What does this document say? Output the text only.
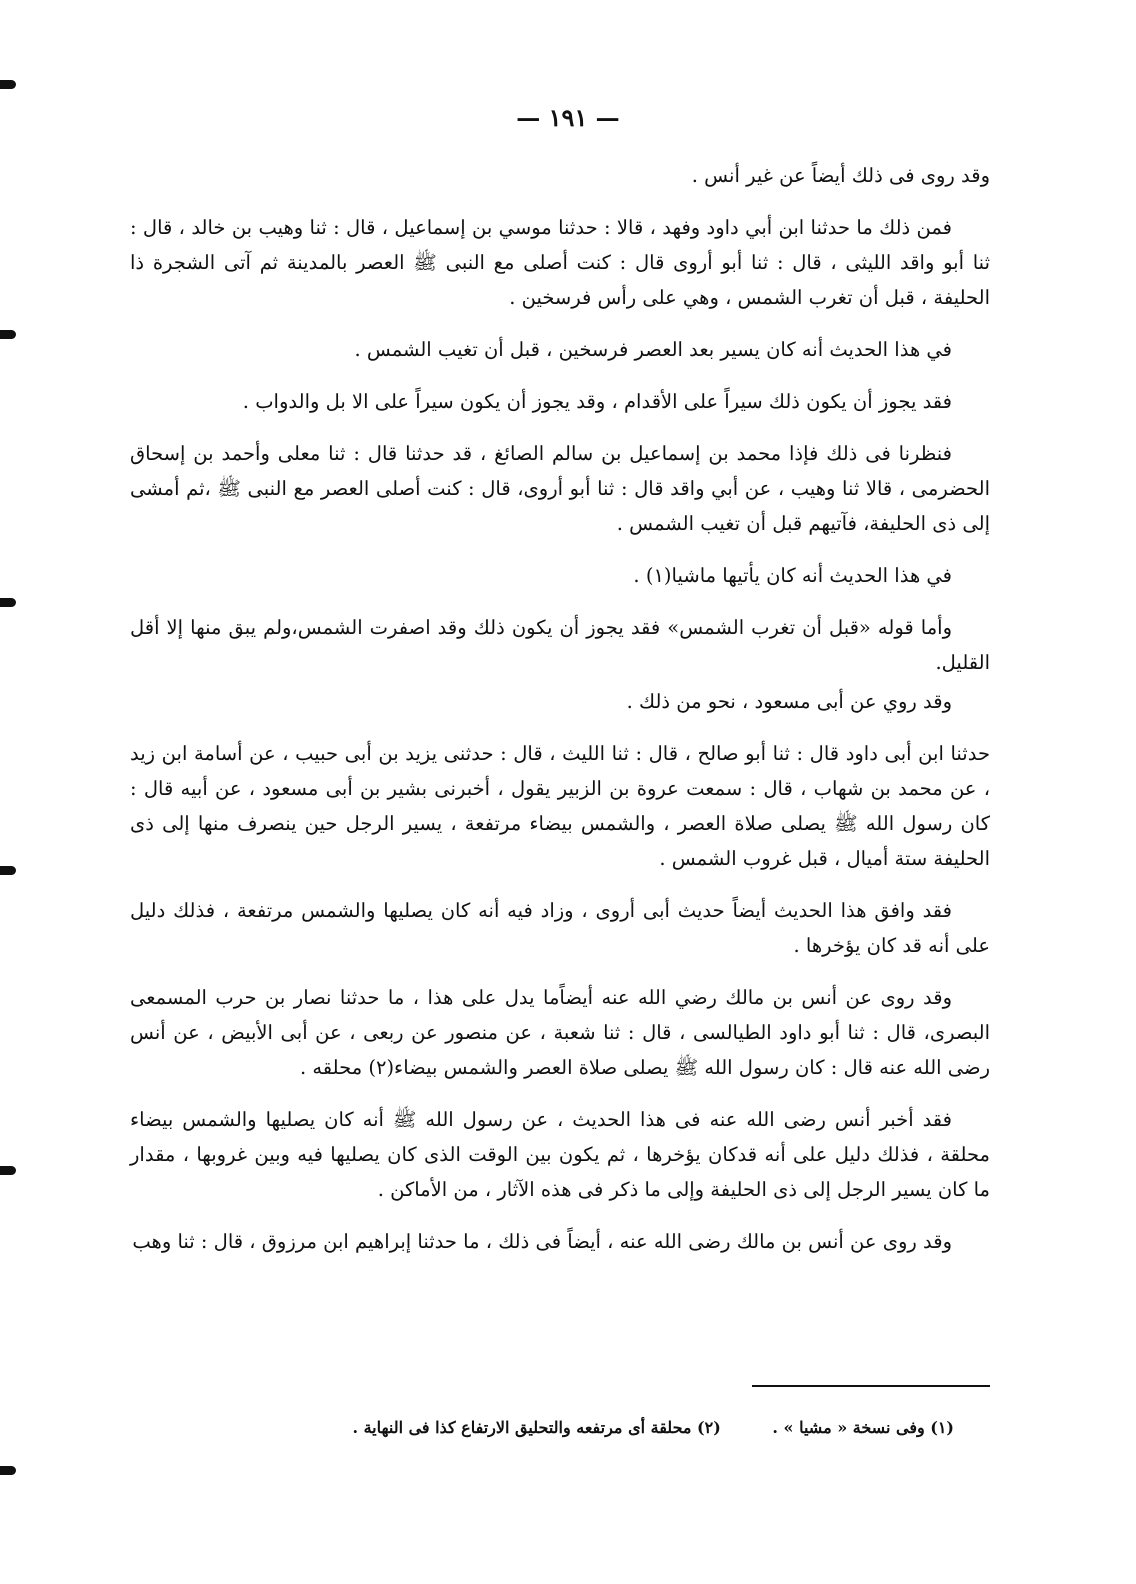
— ١٩١ —

وقد روى فى ذلك أيضاً عن غير أنس .

فمن ذلك ما حدثنا ابن أبي داود وفهد ، قالا : حدثنا موسي بن إسماعيل ، قال : ثنا وهيب بن خالد ، قال : ثنا أبو واقد الليثى ، قال : ثنا أبو أروى قال : كنت أصلى مع النبى ﷺ العصر بالمدينة ثم آتى الشجرة ذا الحليفة ، قبل أن تغرب الشمس ، وهي على رأس فرسخين .

في هذا الحديث أنه كان يسير بعد العصر فرسخين ، قبل أن تغيب الشمس .

فقد يجوز أن يكون ذلك سيراً على الأقدام ، وقد يجوز أن يكون سيراً على الا بل والدواب .

فنظرنا فى ذلك فإذا محمد بن إسماعيل بن سالم الصائغ ، قد حدثنا قال : ثنا معلى وأحمد بن إسحاق الحضرمى ، قالا ثنا وهيب ، عن أبي واقد قال : ثنا أبو أروى، قال : كنت أصلى العصر مع النبى ﷺ ،ثم أمشى إلى ذى الحليفة، فآتيهم قبل أن تغيب الشمس .

في هذا الحديث أنه كان يأتيها ماشيا(١) .

وأما قوله «قبل أن تغرب الشمس» فقد يجوز أن يكون ذلك وقد اصفرت الشمس،ولم يبق منها إلا أقل القليل.

وقد روي عن أبى مسعود ، نحو من ذلك .

حدثنا ابن أبى داود قال : ثنا أبو صالح ، قال : ثنا الليث ، قال : حدثنى يزيد بن أبى حبيب ، عن أسامة ابن زيد ، عن محمد بن شهاب ، قال : سمعت عروة بن الزبير يقول ، أخبرنى بشير بن أبى مسعود ، عن أبيه قال : كان رسول الله ﷺ يصلى صلاة العصر ، والشمس بيضاء مرتفعة ، يسير الرجل حين ينصرف منها إلى ذى الحليفة ستة أميال ، قبل غروب الشمس .

فقد وافق هذا الحديث أيضاً حديث أبى أروى ، وزاد فيه أنه كان يصليها والشمس مرتفعة ، فذلك دليل على أنه قد كان يؤخرها .

وقد روى عن أنس بن مالك رضي الله عنه أيضاًما يدل على هذا ، ما حدثنا نصار بن حرب المسمعى البصرى، قال : ثنا أبو داود الطيالسى ، قال : ثنا شعبة ، عن منصور عن ربعى ، عن أبى الأبيض ، عن أنس رضى الله عنه قال : كان رسول الله ﷺ يصلى صلاة العصر والشمس بيضاء(٢) محلقه .

فقد أخبر أنس رضى الله عنه فى هذا الحديث ، عن رسول الله ﷺ أنه كان يصليها والشمس بيضاء محلقة ، فذلك دليل على أنه قدكان يؤخرها ، ثم يكون بين الوقت الذى كان يصليها فيه وبين غروبها ، مقدار ما كان يسير الرجل إلى ذى الحليفة وإلى ما ذكر فى هذه الآثار ، من الأماكن .

وقد روى عن أنس بن مالك رضى الله عنه ، أيضاً فى ذلك ، ما حدثنا إبراهيم ابن مرزوق ، قال : ثنا وهب

(١) وفى نسخة « مشيا » . (٢) محلقة أى مرتفعه والتحليق الارتفاع كذا فى النهاية .
